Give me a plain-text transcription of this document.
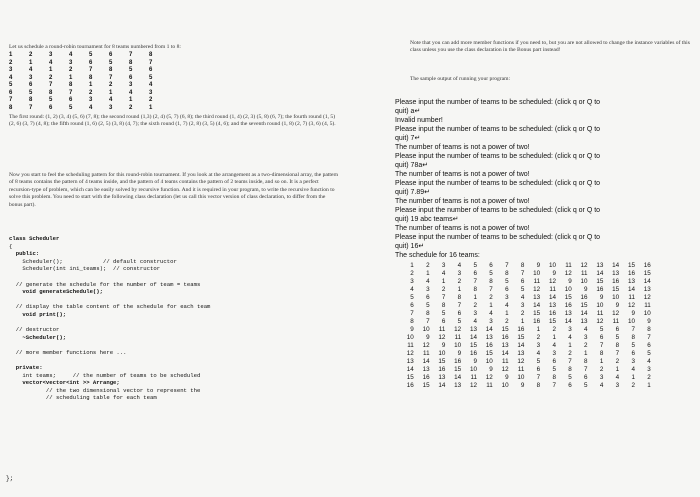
Let us schedule a round-robin tournament for 8 teams numbered from 1 to 8:
1	2	3	4	5	6	7	8
2	1	4	3	6	5	8	7
3	4	1	2	7	8	5	6
4	3	2	1	8	7	6	5
5	6	7	8	1	2	3	4
6	5	8	7	2	1	4	3
7	8	5	6	3	4	1	2
8	7	6	5	4	3	2	1
The first round: (1, 2) (3, 4) (5, 6) (7, 8); the second round (1,3) (2, 4) (5, 7) (6, 8); the third round (1, 4) (2, 3) (5, 8) (6, 7); the fourth round (1, 5) (2, 6) (3, 7) (4, 8); the fifth round (1, 6) (2, 5) (3, 8) (4, 7); the sixth round (1, 7) (2, 8) (3, 5) (4, 6); and the seventh round (1, 8) (2, 7) (3, 6) (4, 5).
Now you start to feel the scheduling pattern for this round-robin tournament. If you look at the arrangement as a two-dimensional array, the pattern of 8 teams contains the pattern of 4 teams inside, and the pattern of 4 teams contains the pattern of 2 teams inside, and so on. It is a perfect recursion-type of problem, which can be easily solved by recursive function. And it is required in your program, to write the recursive function to solve this problem. You need to start with the following class declaration (let us call this vector version of class declaration, to differ from the bonus part).
class Scheduler
{
public:
Scheduler();            // default constructor
Scheduler(int ini_teams);  // constructor

// generate the schedule for the number of team = teams
void generateSchedule();

// display the table content of the schedule for each team
void print();

// destructor
~Scheduler();

// more member functions here ...

private:
int teams;     // the number of teams to be scheduled
vector<vector<int >> Arrange;
// the two dimensional vector to represent the
// scheduling table for each team
};
Note that you can add more member functions if you need to, but you are not allowed to change the instance variables of this class unless you use the class declaration in the Bonus part instead!
The sample output of running your program:
Please input the number of teams to be scheduled: (click q or Q to
quit) a↵
Invalid number!
Please input the number of teams to be scheduled: (click q or Q to
quit) 7↵
The number of teams is not a power of two!
Please input the number of teams to be scheduled: (click q or Q to
quit) 78a↵
The number of teams is not a power of two!
Please input the number of teams to be scheduled: (click q or Q to
quit) 7.89↵
The number of teams is not a power of two!
Please input the number of teams to be scheduled: (click q or Q to
quit) 19 abc teams↵
The number of teams is not a power of two!
Please input the number of teams to be scheduled: (click q or Q to
quit) 16↵
The schedule for 16 teams:
1 2 3 4 5 6 7 8 9 10 11 12 13 14 15 16
2 1 4 3 6 5 8 7 10 9 12 11 14 13 16 15
3 4 1 2 7 8 5 6 11 12 9 10 15 16 13 14
4 3 2 1 8 7 6 5 12 11 10 9 16 15 14 13
5 6 7 8 1 2 3 4 13 14 15 16 9 10 11 12
6 5 8 7 2 1 4 3 14 13 16 15 10 9 12 11
7 8 5 6 3 4 1 2 15 16 13 14 11 12 9 10
8 7 6 5 4 3 2 1 16 15 14 13 12 11 10 9
9 10 11 12 13 14 15 16 1 2 3 4 5 6 7 8
10 9 12 11 14 13 16 15 2 1 4 3 6 5 8 7
11 12 9 10 15 16 13 14 3 4 1 2 7 8 5 6
12 11 10 9 16 15 14 13 4 3 2 1 8 7 6 5
13 14 15 16 9 10 11 12 5 6 7 8 1 2 3 4
14 13 16 15 10 9 12 11 6 5 8 7 2 1 4 3
15 16 13 14 11 12 9 10 7 8 5 6 3 4 1 2
16 15 14 13 12 11 10 9 8 7 6 5 4 3 2 1
